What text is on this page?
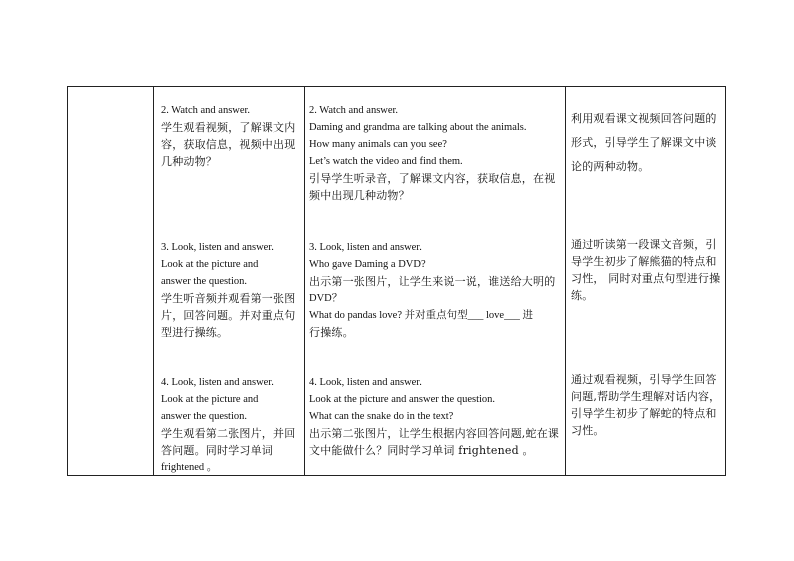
2. Watch and answer.
学生观看视频，了解课文内
容，获取信息，视频中出现
几种动物？
2. Watch and answer.
Daming and grandma are talking about the animals.
How many animals can you see?
Let’s watch the video and find them.
引导学生听录音，了解课文内容，获取信息，在视
频中出现几种动物？
利用观看课文视频回答问题的
形式，引导学生了解课文中谈
论的两种动物。
3. Look, listen and answer.
Look at the picture and
answer the question.
学生听音频并观看第一张图
片，回答问题。并对重点句
型进行操练。
3. Look, listen and answer.
Who gave Daming a DVD?
出示第一张图片，让学生来说一说，谁送给大明的
DVD？
What do pandas love? 并对重点句型___ love___ 进
行操练。
通过听读第一段课文音频，引
导学生初步了解熊猫的特点和
习性， 同时对重点句型进行操
练。
4. Look, listen and answer.
Look at the picture and
answer the question.
学生观看第二张图片，并回
答问题。同时学习单词
frightened 。
4. Look, listen and answer.
Look at the picture and answer the question.
What can the snake do in the text?
出示第二张图片，让学生根据内容回答问题,蛇在课
文中能做什么？同时学习单词 frightened 。
通过观看视频，引导学生回答
问题,帮助学生理解对话内容，
引导学生初步了解蛇的特点和
习性。
